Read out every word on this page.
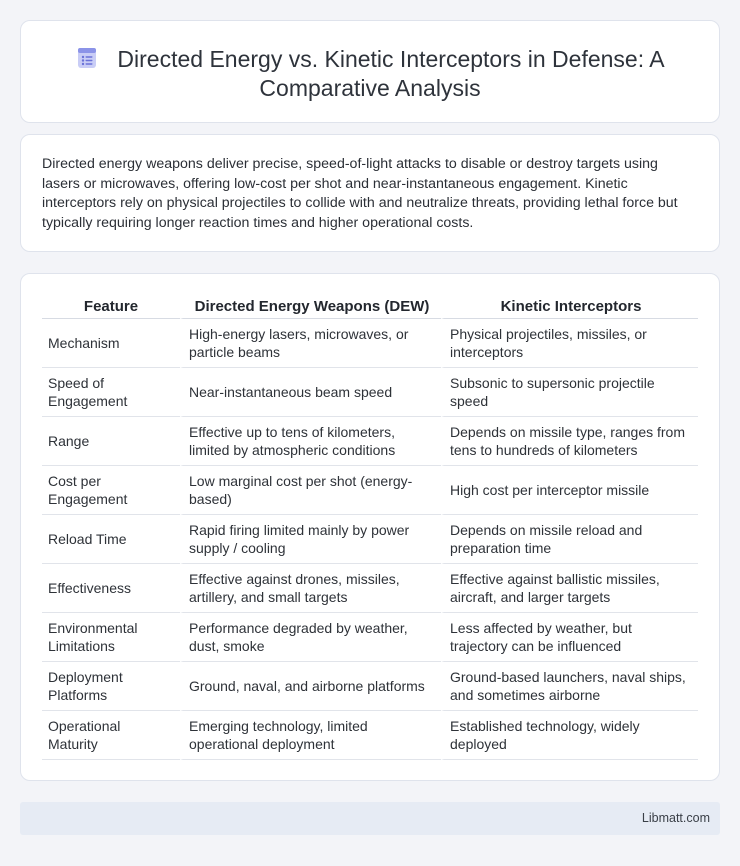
Directed Energy vs. Kinetic Interceptors in Defense: A Comparative Analysis

Directed energy weapons deliver precise, speed-of-light attacks to disable or destroy targets using lasers or microwaves, offering low-cost per shot and near-instantaneous engagement. Kinetic interceptors rely on physical projectiles to collide with and neutralize threats, providing lethal force but typically requiring longer reaction times and higher operational costs.

Feature	Directed Energy Weapons (DEW)	Kinetic Interceptors
Mechanism	High-energy lasers, microwaves, or particle beams	Physical projectiles, missiles, or interceptors
Speed of Engagement	Near-instantaneous beam speed	Subsonic to supersonic projectile speed
Range	Effective up to tens of kilometers, limited by atmospheric conditions	Depends on missile type, ranges from tens to hundreds of kilometers
Cost per Engagement	Low marginal cost per shot (energy-based)	High cost per interceptor missile
Reload Time	Rapid firing limited mainly by power supply / cooling	Depends on missile reload and preparation time
Effectiveness	Effective against drones, missiles, artillery, and small targets	Effective against ballistic missiles, aircraft, and larger targets
Environmental Limitations	Performance degraded by weather, dust, smoke	Less affected by weather, but trajectory can be influenced
Deployment Platforms	Ground, naval, and airborne platforms	Ground-based launchers, naval ships, and sometimes airborne
Operational Maturity	Emerging technology, limited operational deployment	Established technology, widely deployed
Libmatt.com
